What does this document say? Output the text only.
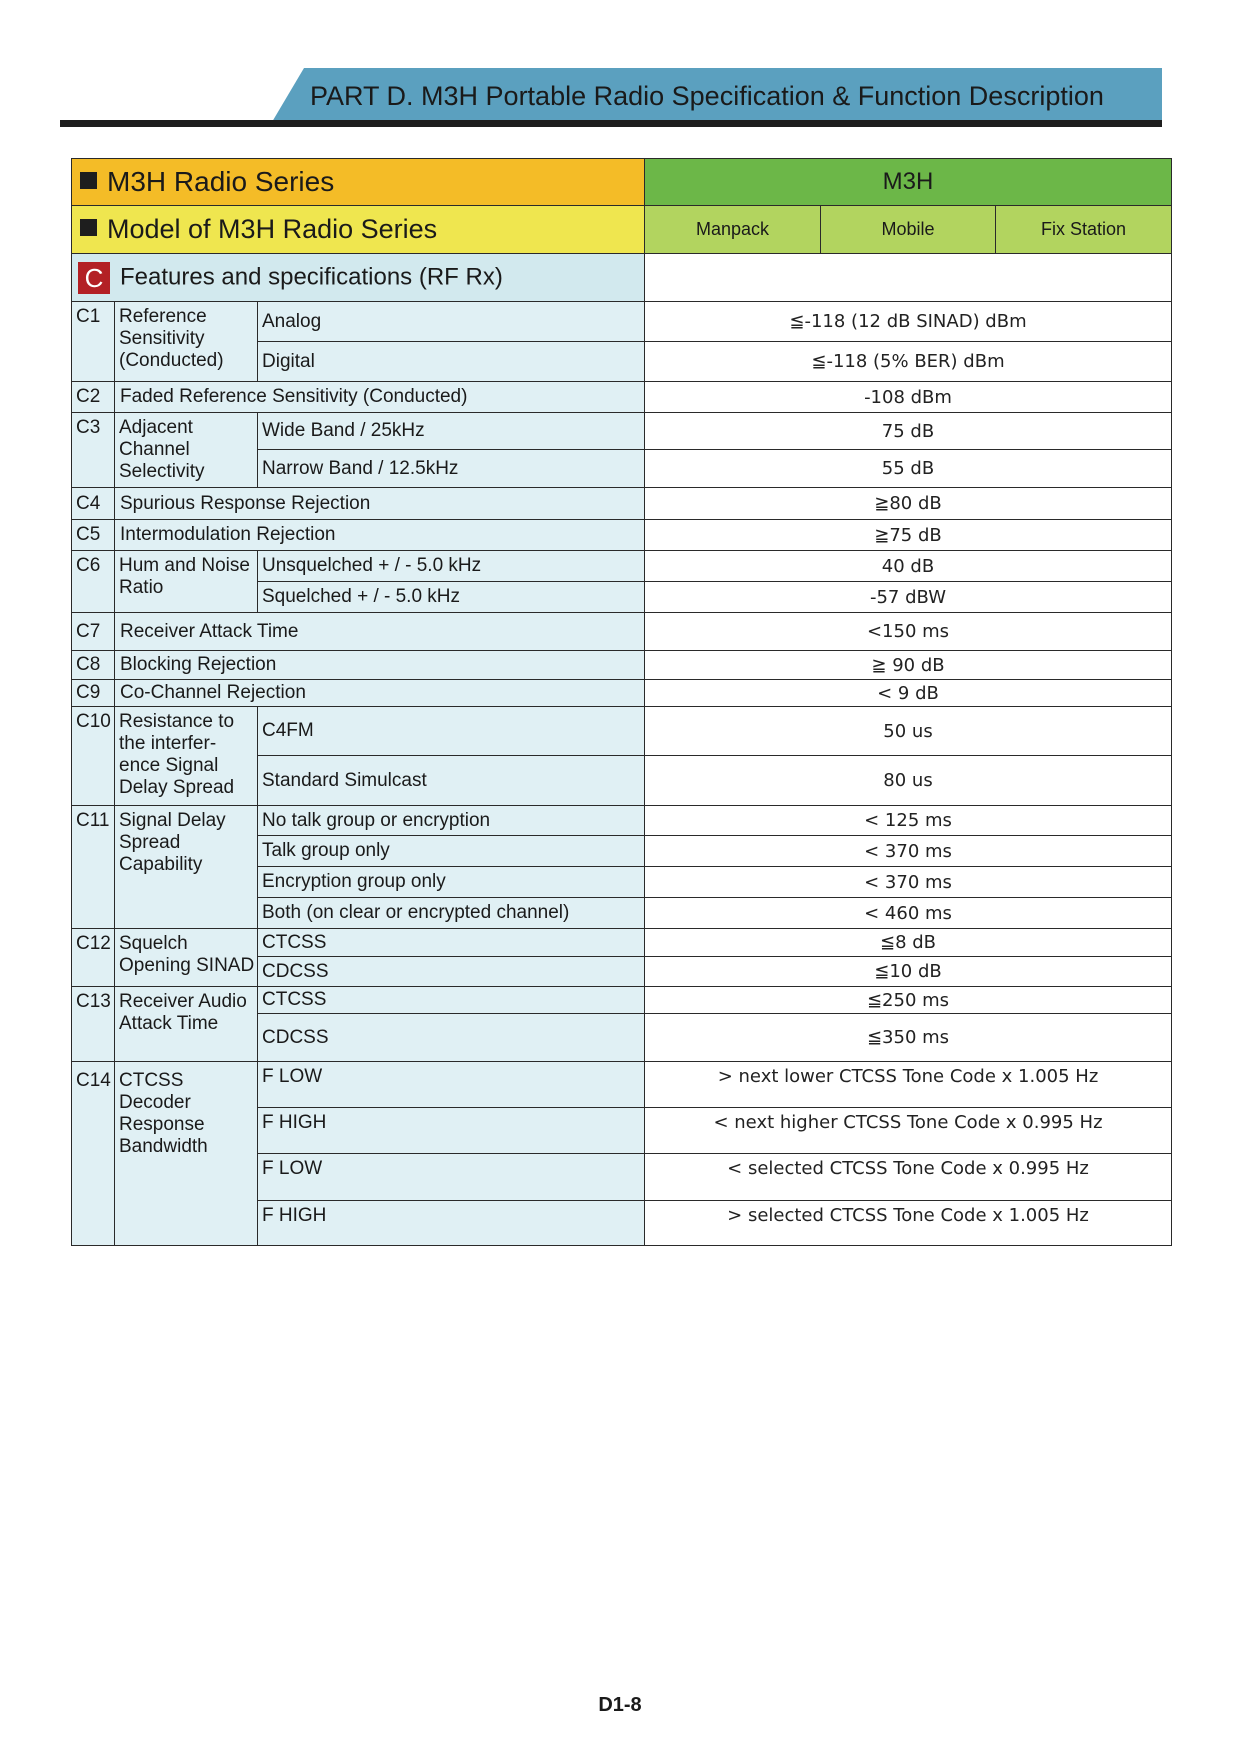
PART D. M3H Portable Radio Specification & Function Description
M3H Radio Series			M3H		
Model of M3H Radio Series			Manpack	Mobile	Fix Station
C Features and specifications (RF Rx)					
C1	Reference Sensitivity (Conducted)	Analog	≦-118 (12 dB SINAD) dBm		
		Digital	≦-118 (5% BER) dBm		
C2	Faded Reference Sensitivity (Conducted)		-108 dBm		
C3	Adjacent Channel Selectivity	Wide Band / 25kHz	75 dB		
		Narrow Band / 12.5kHz	55 dB		
C4	Spurious Response Rejection		≧80 dB		
C5	Intermodulation Rejection		≧75 dB		
C6	Hum and Noise Ratio	Unsquelched + / - 5.0 kHz	40 dB		
		Squelched + / - 5.0 kHz	-57 dBW		
C7	Receiver Attack Time		<150 ms		
C8	Blocking Rejection		≧ 90 dB		
C9	Co-Channel Rejection		< 9 dB		
C10	Resistance to the interfer- ence Signal Delay Spread	C4FM	50 us		
		Standard Simulcast	80 us		
C11	Signal Delay Spread Capability	No talk group or encryption	< 125 ms		
		Talk group only	< 370 ms		
		Encryption group only	< 370 ms		
		Both (on clear or encrypted channel)	< 460 ms		
C12	Squelch Opening SINAD	CTCSS	≦8 dB		
		CDCSS	≦10 dB		
C13	Receiver Audio Attack Time	CTCSS	≦250 ms		
		CDCSS	≦350 ms		
C14	CTCSS Decoder Response Bandwidth	F LOW	> next lower CTCSS Tone Code x 1.005 Hz		
		F HIGH	< next higher CTCSS Tone Code x 0.995 Hz		
		F LOW	< selected CTCSS Tone Code x 0.995 Hz		
		F HIGH	> selected CTCSS Tone Code x 1.005 Hz		
D1-8
